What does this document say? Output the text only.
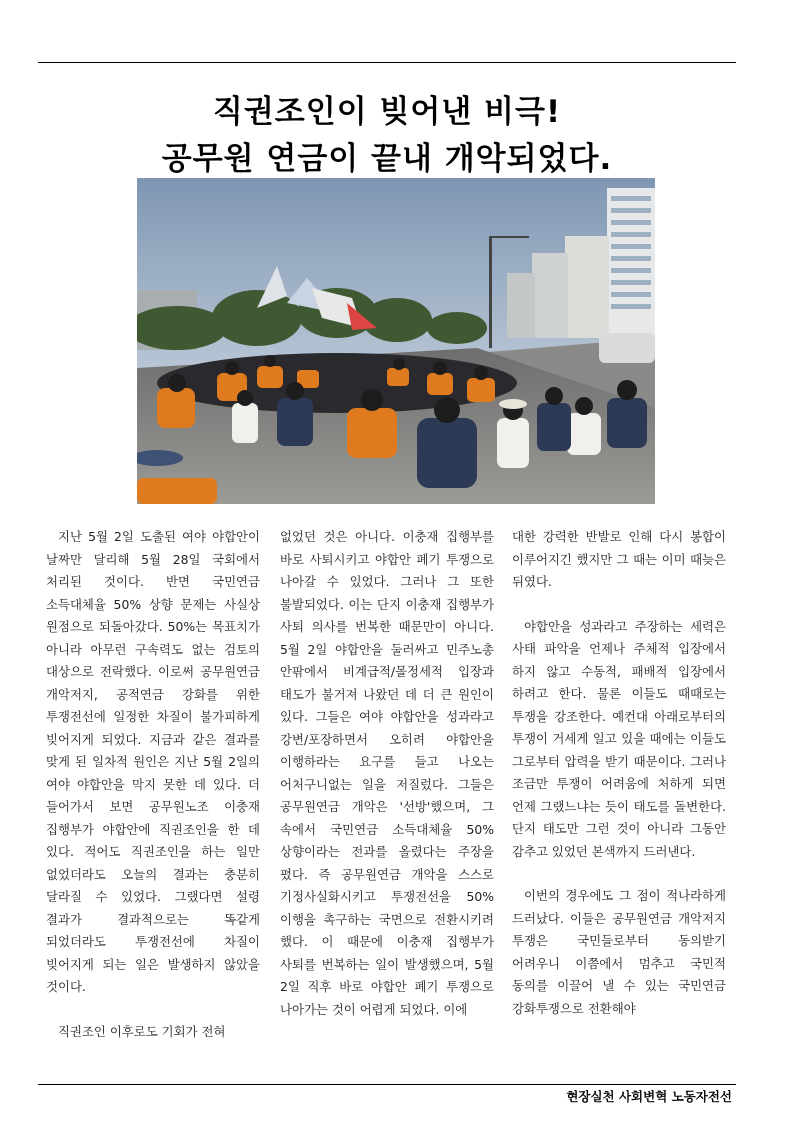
직권조인이 빚어낸 비극!
공무원 연금이 끝내 개악되었다.

지난 5월 2일 도출된 여야 야합안이 날짜만 달리해 5월 28일 국회에서 처리된 것이다. 반면 국민연금 소득대체율 50% 상향 문제는 사실상 원점으로 되돌아갔다. 50%는 목표치가 아니라 아무런 구속력도 없는 검토의 대상으로 전락했다. 이로써 공무원연금 개악저지, 공적연금 강화를 위한 투쟁전선에 일정한 차질이 불가피하게 빚어지게 되었다. 지금과 같은 결과를 맞게 된 일차적 원인은 지난 5월 2일의 여야 야합안을 막지 못한 데 있다. 더 들어가서 보면 공무원노조 이충재 집행부가 야합안에 직권조인을 한 데 있다. 적어도 직권조인을 하는 일만 없었더라도 오늘의 결과는 충분히 달라질 수 있었다. 그랬다면 설령 결과가 결과적으로는 똑같게 되었더라도 투쟁전선에 차질이 빚어지게 되는 일은 발생하지 않았을 것이다.

직권조인 이후로도 기회가 전혀

없었던 것은 아니다. 이충재 집행부를 바로 사퇴시키고 야합안 폐기 투쟁으로 나아갈 수 있었다. 그러나 그 또한 불발되었다. 이는 단지 이충재 집행부가 사퇴 의사를 번복한 때문만이 아니다. 5월 2일 야합안을 둘러싸고 민주노총 안팎에서 비계급적/몰정세적 입장과 태도가 불거져 나왔던 데 더 큰 원인이 있다. 그들은 여야 야합안을 성과라고 강변/포장하면서 오히려 야합안을 이행하라는 요구를 들고 나오는 어처구니없는 일을 저질렀다. 그들은 공무원연금 개악은 '선방'했으며, 그 속에서 국민연금 소득대체율 50% 상향이라는 전과를 올렸다는 주장을 폈다. 즉 공무원연금 개악을 스스로 기정사실화시키고 투쟁전선을 50% 이행을 촉구하는 국면으로 전환시키려 했다. 이 때문에 이충재 집행부가 사퇴를 번복하는 일이 발생했으며, 5월 2일 직후 바로 야합안 폐기 투쟁으로 나아가는 것이 어렵게 되었다. 이에

대한 강력한 반발로 인해 다시 봉합이 이루어지긴 했지만 그 때는 이미 때늦은 뒤였다.

야합안을 성과라고 주장하는 세력은 사태 파악을 언제나 주체적 입장에서 하지 않고 수동적, 패배적 입장에서 하려고 한다. 물론 이들도 때때로는 투쟁을 강조한다. 예컨대 아래로부터의 투쟁이 거세게 일고 있을 때에는 이들도 그로부터 압력을 받기 때문이다. 그러나 조금만 투쟁이 어려움에 처하게 되면 언제 그랬느냐는 듯이 태도를 돌변한다. 단지 태도만 그런 것이 아니라 그동안 감추고 있었던 본색까지 드러낸다.

이번의 경우에도 그 점이 적나라하게 드러났다. 이들은 공무원연금 개악저지 투쟁은 국민들로부터 동의받기 어려우니 이쯤에서 멈추고 국민적 동의를 이끌어 낼 수 있는 국민연금 강화투쟁으로 전환해야

현장실천 사회변혁 노동자전선
